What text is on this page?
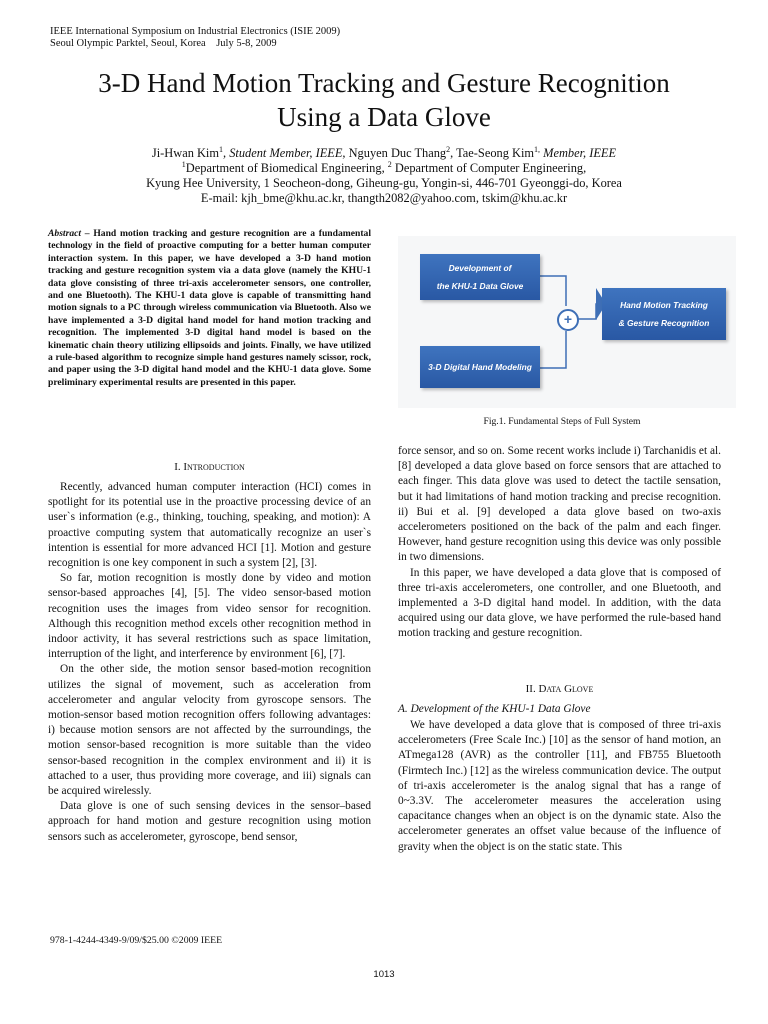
IEEE International Symposium on Industrial Electronics (ISIE 2009)
Seoul Olympic Parktel, Seoul, Korea    July 5-8, 2009
3-D Hand Motion Tracking and Gesture Recognition
Using a Data Glove

Ji-Hwan Kim$^1$, Student Member, IEEE, Nguyen Duc Thang$^2$, Tae-Seong Kim$^{1,}$ Member, IEEE

$^1$Department of Biomedical Engineering, $^2$ Department of Computer Engineering,

Kyung Hee University, 1 Seocheon-dong, Giheung-gu, Yongin-si, 446-701 Gyeonggi-do, Korea

E-mail: kjh_bme@khu.ac.kr, thangth2082@yahoo.com, tskim@khu.ac.kr

Abstract – Hand motion tracking and gesture recognition are a fundamental technology in the field of proactive computing for a better human computer interaction system. In this paper, we have developed a 3-D hand motion tracking and gesture recognition system via a data glove (namely the KHU-1 data glove consisting of three tri-axis accelerometer sensors, one controller, and one Bluetooth). The KHU-1 data glove is capable of transmitting hand motion signals to a PC through wireless communication via Bluetooth. Also we have implemented a 3-D digital hand model for hand motion tracking and recognition. The implemented 3-D digital hand model is based on the kinematic chain theory utilizing ellipsoids and joints. Finally, we have utilized a rule-based algorithm to recognize simple hand gestures namely scissor, rock, and paper using the 3-D digital hand model and the KHU-1 data glove. Some preliminary experimental results are presented in this paper.
I. Introduction

Recently, advanced human computer interaction (HCI) comes in spotlight for its potential use in the proactive processing device of an user`s information (e.g., thinking, touching, speaking, and motion): A proactive computing system that automatically recognize an user`s intention is essential for more advanced HCI [1]. Motion and gesture recognition is one key component in such a system [2], [3].

So far, motion recognition is mostly done by video and motion sensor-based approaches [4], [5]. The video sensor-based motion recognition uses the images from video sensor for recognition. Although this recognition method excels other recognition method in indoor activity, it has several restrictions such as space limitation, interruption of the light, and interference by environment [6], [7].

On the other side, the motion sensor based-motion recognition utilizes the signal of movement, such as acceleration from accelerometer and angular velocity from gyroscope sensors. The motion-sensor based motion recognition offers following advantages: i) because motion sensors are not affected by the surroundings, the motion sensor-based recognition is more suitable than the video sensor-based recognition in the complex environment and ii) it is attached to a user, thus providing more coverage, and iii) signals can be acquired wirelessly.

Data glove is one of such sensing devices in the sensor–based approach for hand motion and gesture recognition using motion sensors such as accelerometer, gyroscope, bend sensor,

Development of
the KHU-1 Data Glove
+
3-D Digital Hand Modeling
Hand Motion Tracking
& Gesture Recognition
Fig.1. Fundamental Steps of Full System

force sensor, and so on. Some recent works include i) Tarchanidis et al. [8] developed a data glove based on force sensors that are attached to each finger. This data glove was used to detect the tactile sensation, but it had limitations of hand motion tracking and precise recognition. ii) Bui et al. [9] developed a data glove based on two-axis accelerometers positioned on the back of the palm and each finger. However, hand gesture recognition using this device was only possible in two dimensions.

In this paper, we have developed a data glove that is composed of three tri-axis accelerometers, one controller, and one Bluetooth, and implemented a 3-D digital hand model. In addition, with the data acquired using our data glove, we have performed the rule-based hand motion tracking and gesture recognition.

II. Data Glove
A. Development of the KHU-1 Data Glove

We have developed a data glove that is composed of three tri-axis accelerometers (Free Scale Inc.) [10] as the sensor of hand motion, an ATmega128 (AVR) as the controller [11], and FB755 Bluetooth (Firmtech Inc.) [12] as the wireless communication device. The output of tri-axis accelerometer is the analog signal that has a range of 0~3.3V. The accelerometer measures the acceleration using capacitance changes when an object is on the dynamic state. Also the accelerometer generates an offset value because of the influence of gravity when the object is on the static state. This

978-1-4244-4349-9/09/$25.00 ©2009 IEEE
1013
